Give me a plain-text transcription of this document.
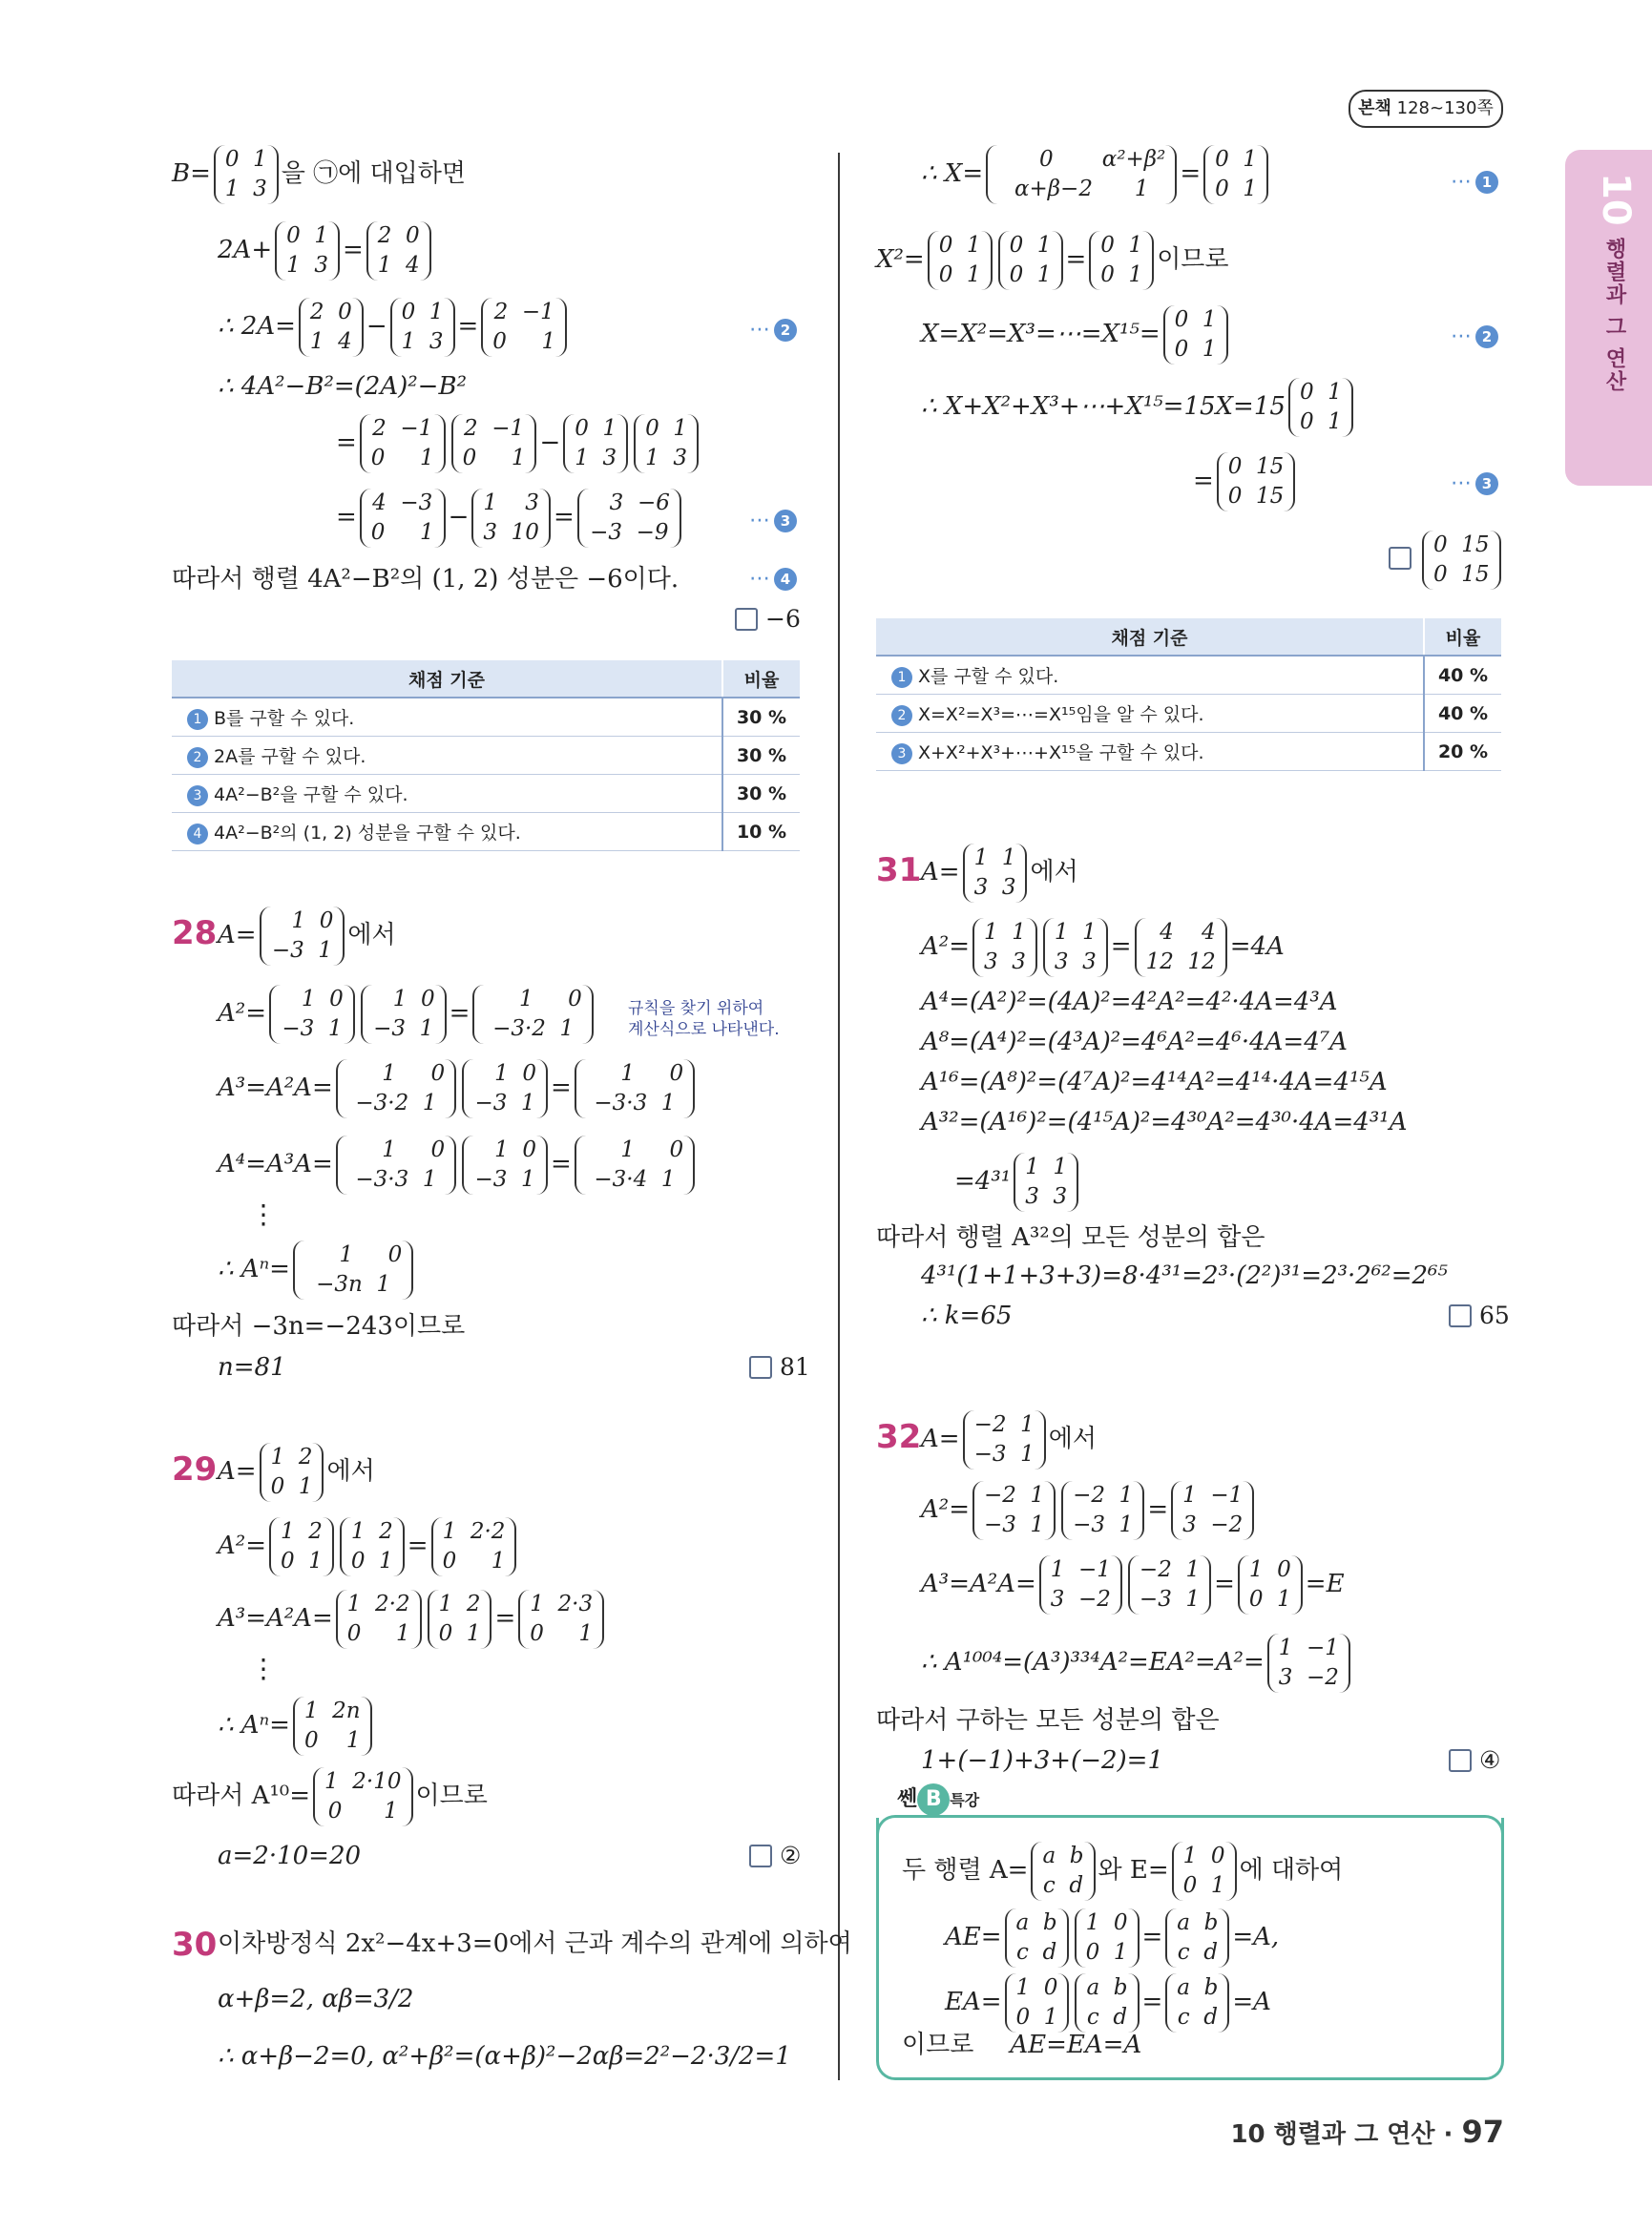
본책 128~130쪽
10
행렬과 그 연산
B=
0  1
1  3
을 ㉠에 대입하면
2A+
0  1
1  3
=
2  0
1  4
∴ 2A=
2  0
1  4
−
0  1
1  3
=
2  −1
0     1	⋯ 2
∴ 4A²−B²=(2A)²−B²
=
2  −1
0     1
2  −1
0     1
−
0  1
1  3
0  1
1  3
=
4  −3
0     1
−
1    3
3  10
=
3  −6
−3  −9	⋯ 3
따라서 행렬 4A²−B²의 (1, 2) 성분은 −6이다.	⋯ 4
−6
채점 기준	비율
1 B를 구할 수 있다.	30 %
2 2A를 구할 수 있다.	30 %
3 4A²−B²을 구할 수 있다.	30 %
4 4A²−B²의 (1, 2) 성분을 구할 수 있다.	10 %
28 A=
1  0
−3  1
에서
A²=
1  0
−3  1
1  0
−3  1
=
1     0
−3·2  1
규칙을 찾기 위하여
계산식으로 나타낸다.
A³=A²A=
1     0
−3·2  1
1  0
−3  1
=
1     0
−3·3  1
A⁴=A³A=
1     0
−3·3  1
1  0
−3  1
=
1     0
−3·4  1
⋮
∴ Aⁿ=
1     0
−3n  1
따라서 −3n=−243이므로
n=81	81
29 A=
1  2
0  1
에서
A²=
1  2
0  1
1  2
0  1
=
1  2·2
0     1
A³=A²A=
1  2·2
0     1
1  2
0  1
=
1  2·3
0     1
⋮
∴ Aⁿ=
1  2n
0    1
따라서 A¹⁰=
1  2·10
0      1
이므로
a=2·10=20	②
30 이차방정식 2x²−4x+3=0에서 근과 계수의 관계에 의하여
α+β=2, αβ=3/2
∴ α+β−2=0, α²+β²=(α+β)²−2αβ=2²−2·3/2=1
∴ X=
0       α²+β²
α+β−2      1
=
0  1
0  1	⋯ 1
X²=
0  1
0  1
0  1
0  1
=
0  1
0  1
이므로
X=X²=X³=⋯=X¹⁵=
0  1
0  1
⋯ 2
∴ X+X²+X³+⋯+X¹⁵=15X=15
0  1
0  1
=
0  15
0  15
⋯ 3
0  15
0  15
채점 기준	비율
1 X를 구할 수 있다.	40 %
2 X=X²=X³=⋯=X¹⁵임을 알 수 있다.	40 %
3 X+X²+X³+⋯+X¹⁵을 구할 수 있다.	20 %
31 A=
1  1
3  3
에서
A²=
1  1
3  3
1  1
3  3
=
4    4
12  12
=4A
A⁴=(A²)²=(4A)²=4²A²=4²·4A=4³A
A⁸=(A⁴)²=(4³A)²=4⁶A²=4⁶·4A=4⁷A
A¹⁶=(A⁸)²=(4⁷A)²=4¹⁴A²=4¹⁴·4A=4¹⁵A
A³²=(A¹⁶)²=(4¹⁵A)²=4³⁰A²=4³⁰·4A=4³¹A
=4³¹
1  1
3  3
따라서 행렬 A³²의 모든 성분의 합은
4³¹(1+1+3+3)=8·4³¹=2³·(2²)³¹=2³·2⁶²=2⁶⁵
∴ k=65	65
32 A=
−2  1
−3  1
에서
A²=
−2  1
−3  1
−2  1
−3  1
=
1  −1
3  −2
A³=A²A=
1  −1
3  −2
−2  1
−3  1
=
1  0
0  1
=E
∴ A¹⁰⁰⁴=(A³)³³⁴A²=EA²=A²=
1  −1
3  −2
따라서 구하는 모든 성분의 합은
1+(−1)+3+(−2)=1	④
쎈 B 특강
두 행렬 A=
a  b
c  d
와 E=
1  0
0  1
에 대하여
AE=
a  b
c  d
1  0
0  1
=
a  b
c  d
=A,
EA=
1  0
0  1
a  b
c  d
=
a  b
c  d
=A
이므로 AE=EA=A
10 행렬과 그 연산 · 97
